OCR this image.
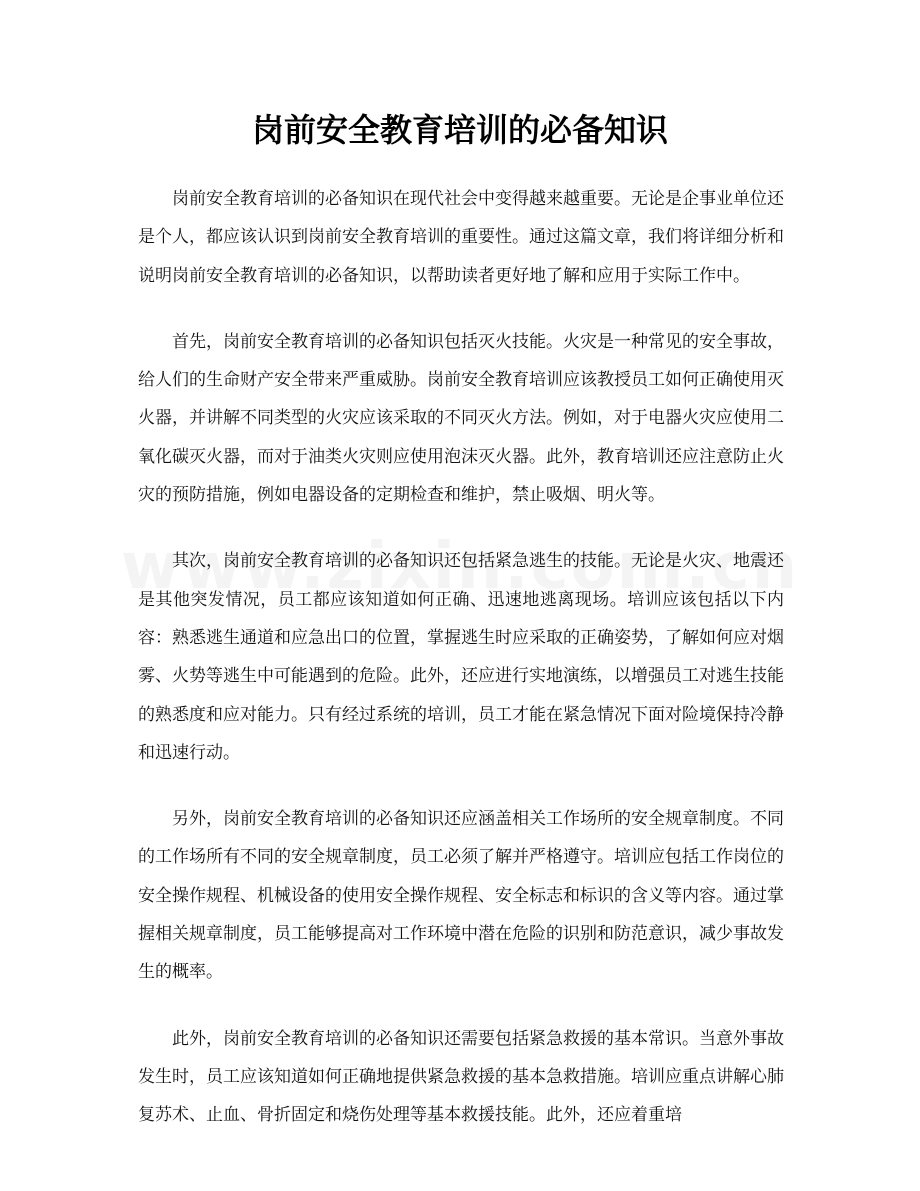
岗前安全教育培训的必备知识

岗前安全教育培训的必备知识在现代社会中变得越来越重要。无论是企事业单位还是个人，都应该认识到岗前安全教育培训的重要性。通过这篇文章，我们将详细分析和说明岗前安全教育培训的必备知识，以帮助读者更好地了解和应用于实际工作中。

首先，岗前安全教育培训的必备知识包括灭火技能。火灾是一种常见的安全事故，给人们的生命财产安全带来严重威胁。岗前安全教育培训应该教授员工如何正确使用灭火器，并讲解不同类型的火灾应该采取的不同灭火方法。例如，对于电器火灾应使用二氧化碳灭火器，而对于油类火灾则应使用泡沫灭火器。此外，教育培训还应注意防止火灾的预防措施，例如电器设备的定期检查和维护，禁止吸烟、明火等。

其次，岗前安全教育培训的必备知识还包括紧急逃生的技能。无论是火灾、地震还是其他突发情况，员工都应该知道如何正确、迅速地逃离现场。培训应该包括以下内容：熟悉逃生通道和应急出口的位置，掌握逃生时应采取的正确姿势，了解如何应对烟雾、火势等逃生中可能遇到的危险。此外，还应进行实地演练，以增强员工对逃生技能的熟悉度和应对能力。只有经过系统的培训，员工才能在紧急情况下面对险境保持冷静和迅速行动。

另外，岗前安全教育培训的必备知识还应涵盖相关工作场所的安全规章制度。不同的工作场所有不同的安全规章制度，员工必须了解并严格遵守。培训应包括工作岗位的安全操作规程、机械设备的使用安全操作规程、安全标志和标识的含义等内容。通过掌握相关规章制度，员工能够提高对工作环境中潜在危险的识别和防范意识，减少事故发生的概率。

此外，岗前安全教育培训的必备知识还需要包括紧急救援的基本常识。当意外事故发生时，员工应该知道如何正确地提供紧急救援的基本急救措施。培训应重点讲解心肺复苏术、止血、骨折固定和烧伤处理等基本救援技能。此外，还应着重培
